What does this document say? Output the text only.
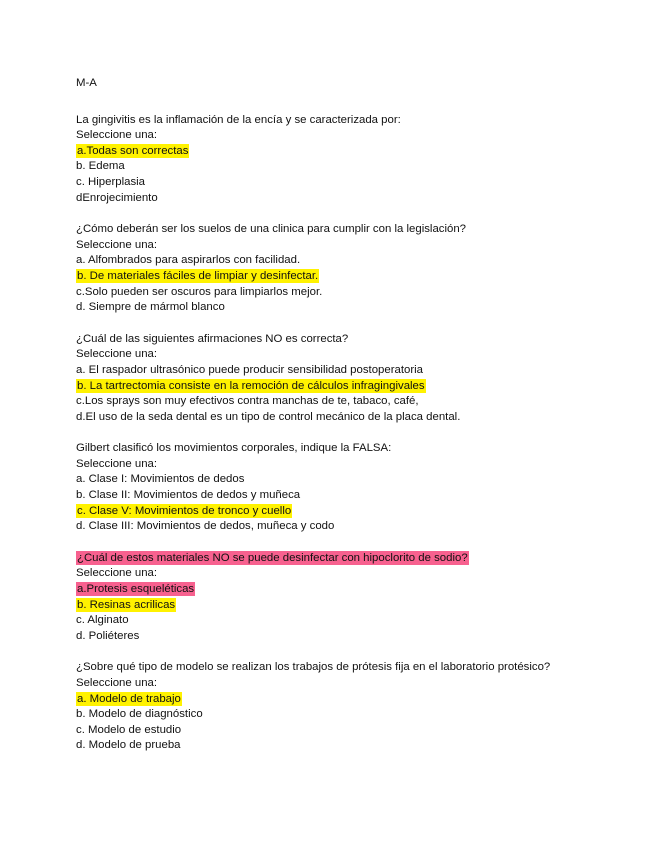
M-A
La gingivitis es la inflamación de la encía y se caracterizada por:
Seleccione una:
a.Todas son correctas
b. Edema
c. Hiperplasia
dEnrojecimiento
¿Cómo deberán ser los suelos de una clinica para cumplir con la legislación?
Seleccione una:
a. Alfombrados para aspirarlos con facilidad.
b. De materiales fáciles de limpiar y desinfectar.
c.Solo pueden ser oscuros para limpiarlos mejor.
d. Siempre de mármol blanco
¿Cuál de las siguientes afirmaciones NO es correcta?
Seleccione una:
a. El raspador ultrasónico puede producir sensibilidad postoperatoria
b. La tartrectomia consiste en la remoción de cálculos infragingivales
c.Los sprays son muy efectivos contra manchas de te, tabaco, café,
d.El uso de la seda dental es un tipo de control mecánico de la placa dental.
Gilbert clasificó los movimientos corporales, indique la FALSA:
Seleccione una:
a. Clase I: Movimientos de dedos
b. Clase II: Movimientos de dedos y muñeca
c. Clase V: Movimientos de tronco y cuello
d. Clase III: Movimientos de dedos, muñeca y codo
¿Cuál de estos materiales NO se puede desinfectar con hipoclorito de sodio?
Seleccione una:
a.Protesis esqueléticas
b. Resinas acrilicas
c. Alginato
d. Poliéteres
¿Sobre qué tipo de modelo se realizan los trabajos de prótesis fija en el laboratorio protésico?
Seleccione una:
a. Modelo de trabajo
b. Modelo de diagnóstico
c. Modelo de estudio
d. Modelo de prueba
